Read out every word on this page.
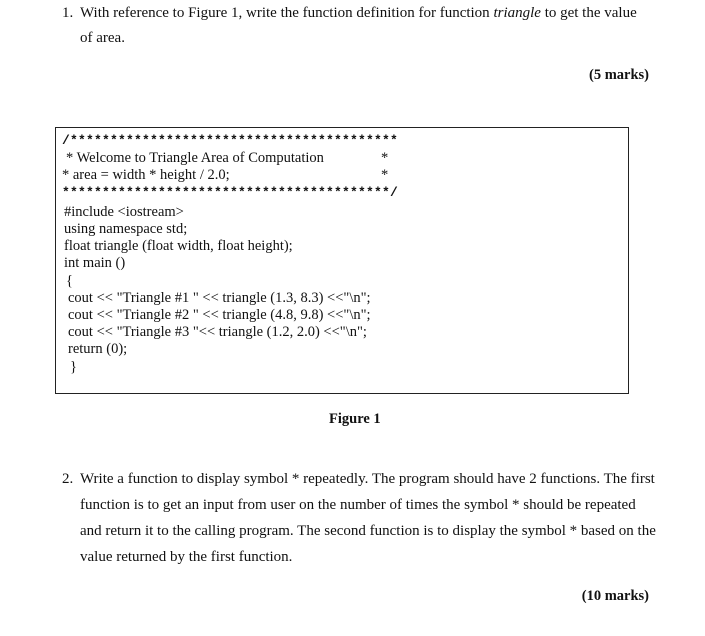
1. With reference to Figure 1, write the function definition for function triangle to get the value
of area.
(5 marks)
/*****************************************
* Welcome to Triangle Area of Computation	*
* area = width * height / 2.0;	*
*****************************************/
#include <iostream>
using namespace std;
float triangle (float width, float height);
int main ()
{
cout << "Triangle #1 " << triangle (1.3, 8.3) <<"\n";
cout << "Triangle #2 " << triangle (4.8, 9.8) <<"\n";
cout << "Triangle #3 "<< triangle (1.2, 2.0) <<"\n";
return (0);
}
Figure 1
2. Write a function to display symbol * repeatedly. The program should have 2 functions. The first
function is to get an input from user on the number of times the symbol * should be repeated
and return it to the calling program. The second function is to display the symbol * based on the
value returned by the first function.
(10 marks)
